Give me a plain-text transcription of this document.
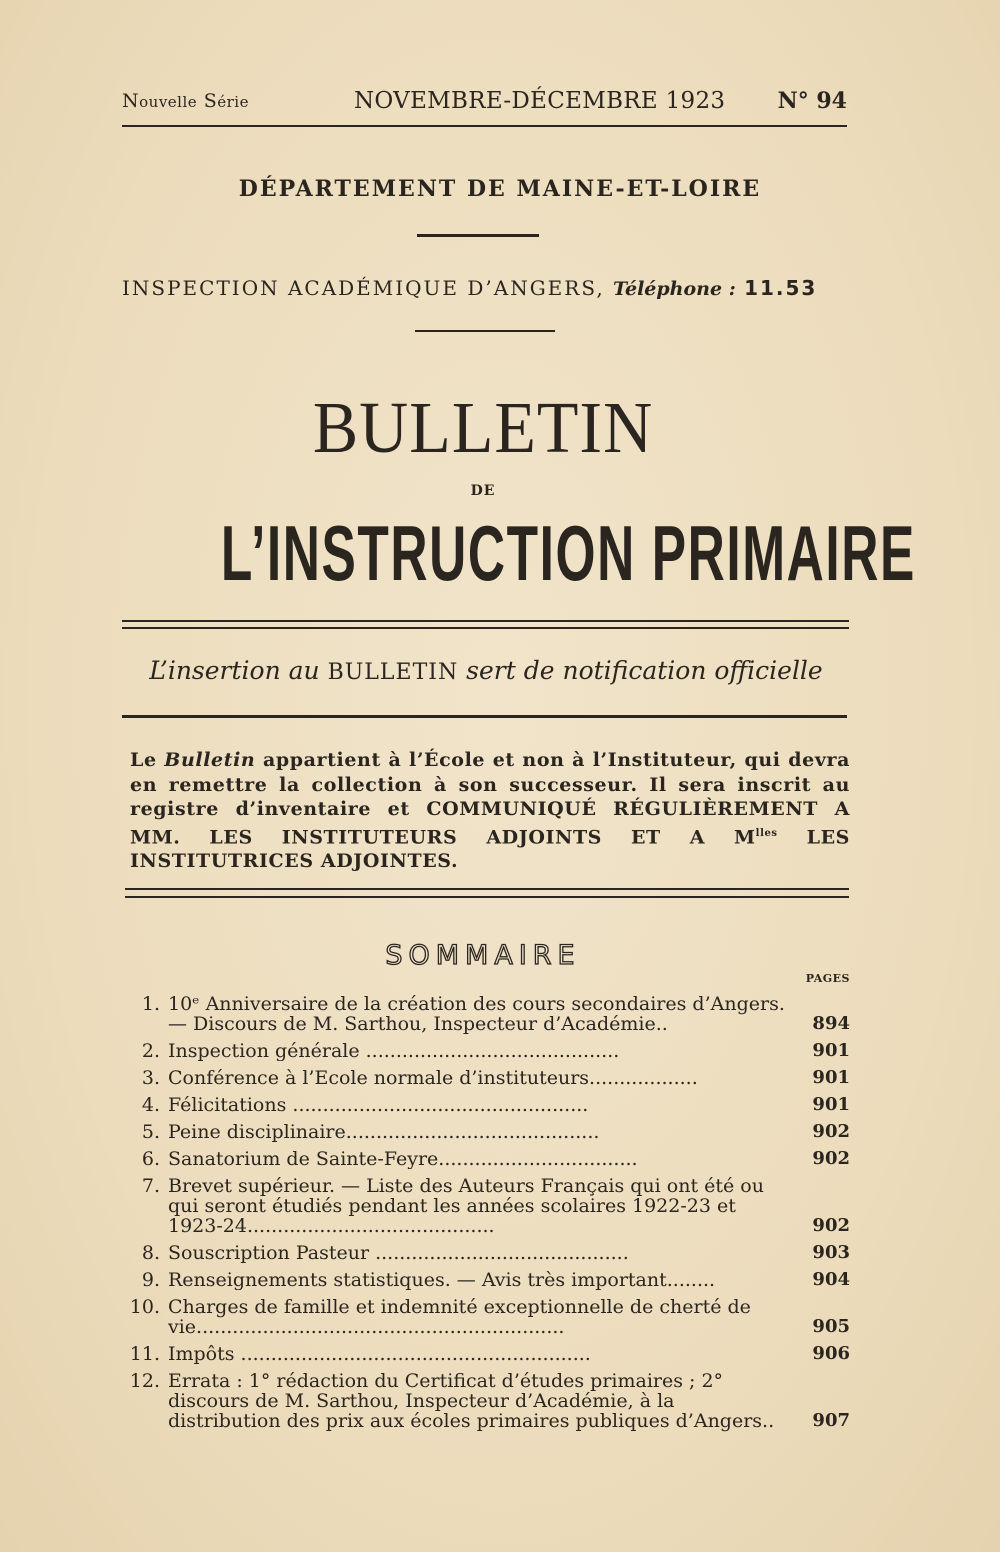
Nouvelle Série	NOVEMBRE-DÉCEMBRE 1923 N° 94
DÉPARTEMENT DE MAINE-ET-LOIRE
INSPECTION ACADÉMIQUE D’ANGERS, Téléphone : 11.53
BULLETIN
DE
L’INSTRUCTION PRIMAIRE
L’insertion au BULLETIN sert de notification officielle
Le Bulletin appartient à l’École et non à l’Instituteur, qui devra en remettre la collection à son successeur. Il sera inscrit au registre d’inventaire et COMMUNIQUÉ RÉGULIÈREMENT A MM. LES INSTITUTEURS ADJOINTS ET A $M^{lles}$ LES INSTITUTRICES ADJOINTES.
SOMMAIRE
PAGES
1. 10ᵉ Anniversaire de la création des cours secondaires d’Angers. — Discours de M. Sarthou, Inspecteur d’Académie..	894
2. Inspection générale ..........................................	901
3. Conférence à l’Ecole normale d’instituteurs..................	901
4. Félicitations .................................................	901
5. Peine disciplinaire..........................................	902
6. Sanatorium de Sainte-Feyre.................................	902
7. Brevet supérieur. — Liste des Auteurs Français qui ont été ou qui seront étudiés pendant les années scolaires 1922-23 et 1923-24.........................................	902
8. Souscription Pasteur ..........................................	903
9. Renseignements statistiques. — Avis très important........	904
10. Charges de famille et indemnité exceptionnelle de cherté de vie.............................................................	905
11. Impôts ..........................................................	906
12. Errata : 1° rédaction du Certificat d’études primaires ; 2° discours de M. Sarthou, Inspecteur d’Académie, à la distribution des prix aux écoles primaires publiques d’Angers..	907
